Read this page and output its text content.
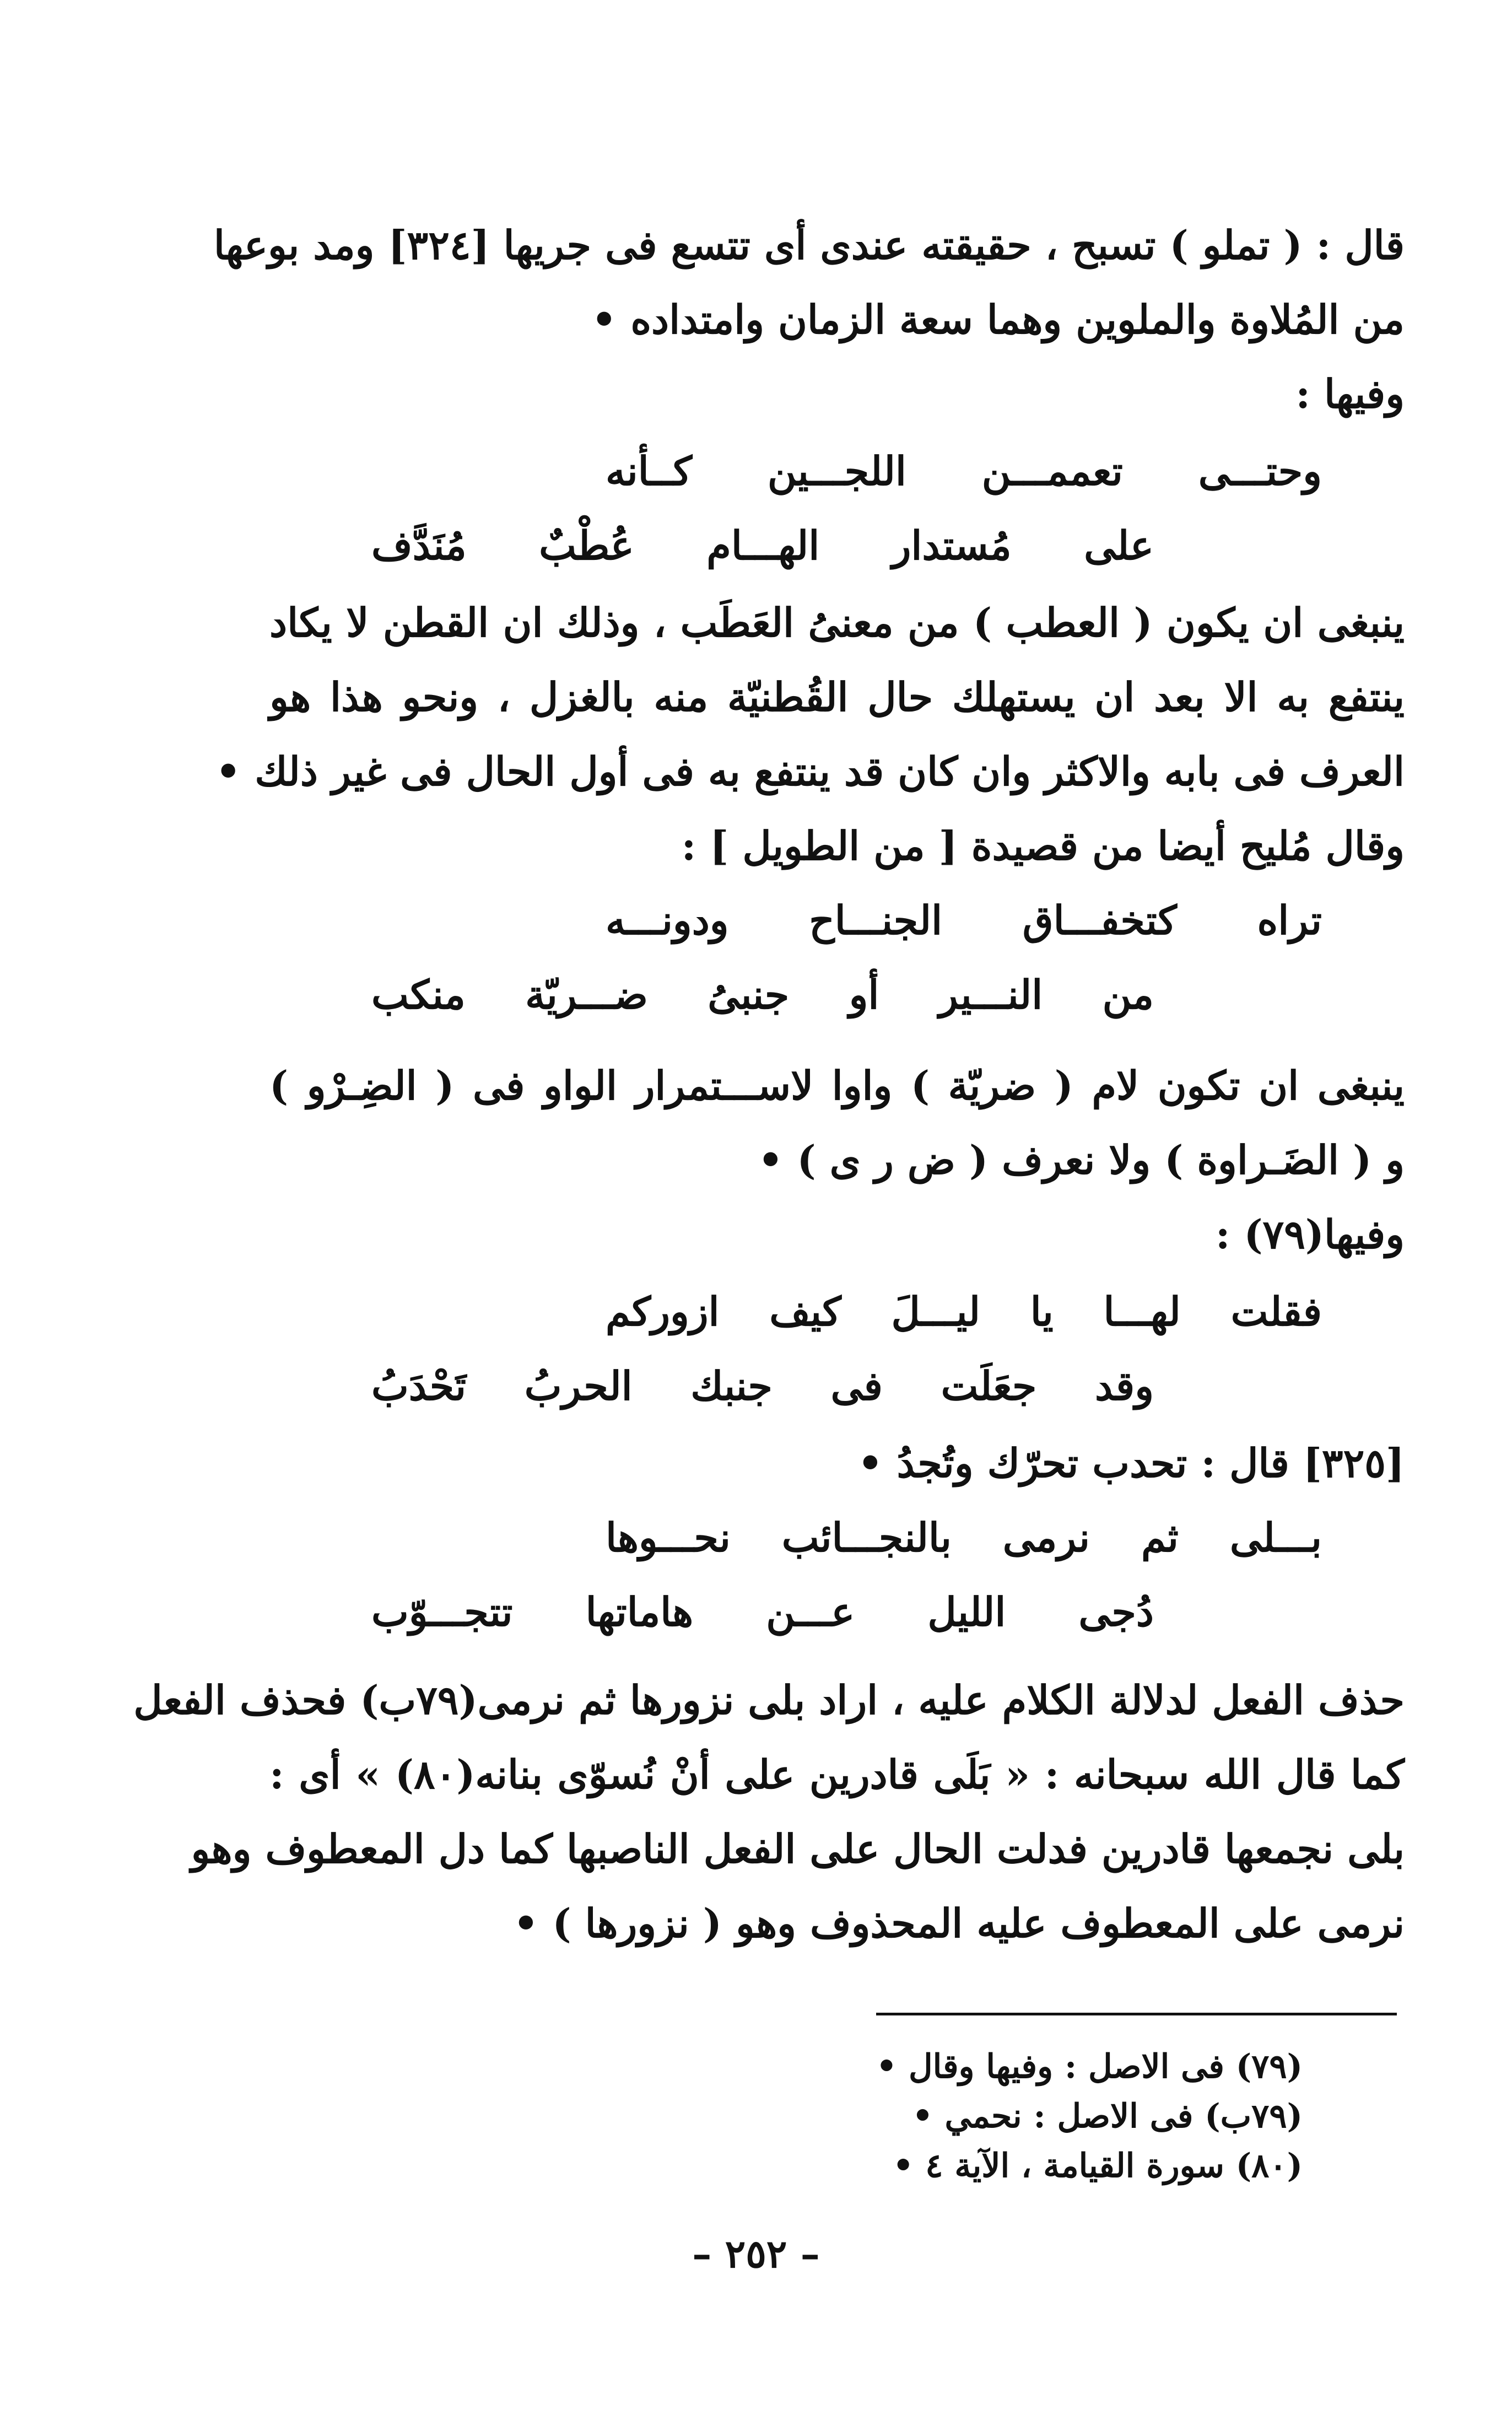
قال : ( تملو ) تسبح ، حقيقته عندى أى تتسع فى جريها [٣٢٤] ومد بوعها
من المُلاوة والملوين وهما سعة الزمان وامتداده •
وفيها :
وحتـــى تعممـــن اللجـــين كــأنه
على مُستدار الهـــام عُطْبٌ مُنَدَّف
ينبغى ان يكون ( العطب ) من معنىُ العَطَب ، وذلك ان القطن لا يكاد
ينتفع به الا بعد ان يستهلك حال القُطنيّة منه بالغزل ، ونحو هذا هو
العرف فى بابه والاكثر وان كان قد ينتفع به فى أول الحال فى غير ذلك •
وقال مُليح أيضا من قصيدة [ من الطويل ] :
تراه كتخفـــاق الجنـــاح ودونـــه
من النـــير أو جنبىُ ضـــريّة منكب
ينبغى ان تكون لام ( ضريّة ) واوا لاســـتمرار الواو فى ( الضِـرْو )
و ( الضَـراوة ) ولا نعرف ( ض ر ى ) •
وفيها(٧٩) :
فقلت لهـــا يا ليـــلَ كيف ازوركم
وقد جعَلَت فى جنبك الحربُ تَحْدَبُ
[٣٢٥] قال : تحدب تحرّك وتُجدُ •
بـــلى ثم نرمى بالنجـــائب نحـــوها
دُجى الليل عـــن هاماتها تتجـــوّب
حذف الفعل لدلالة الكلام عليه ، اراد بلى نزورها ثم نرمى(٧٩ب) فحذف الفعل
كما قال الله سبحانه : « بَلَى قادرين على أنْ نُسوّى بنانه(٨٠) » أى :
بلى نجمعها قادرين فدلت الحال على الفعل الناصبها كما دل المعطوف وهو
نرمى على المعطوف عليه المحذوف وهو ( نزورها ) •
(٧٩) فى الاصل : وفيها وقال •
(٧٩ب) فى الاصل : نحمي •
(٨٠) سورة القيامة ، الآية ٤ •
– ٢٥٢ –
